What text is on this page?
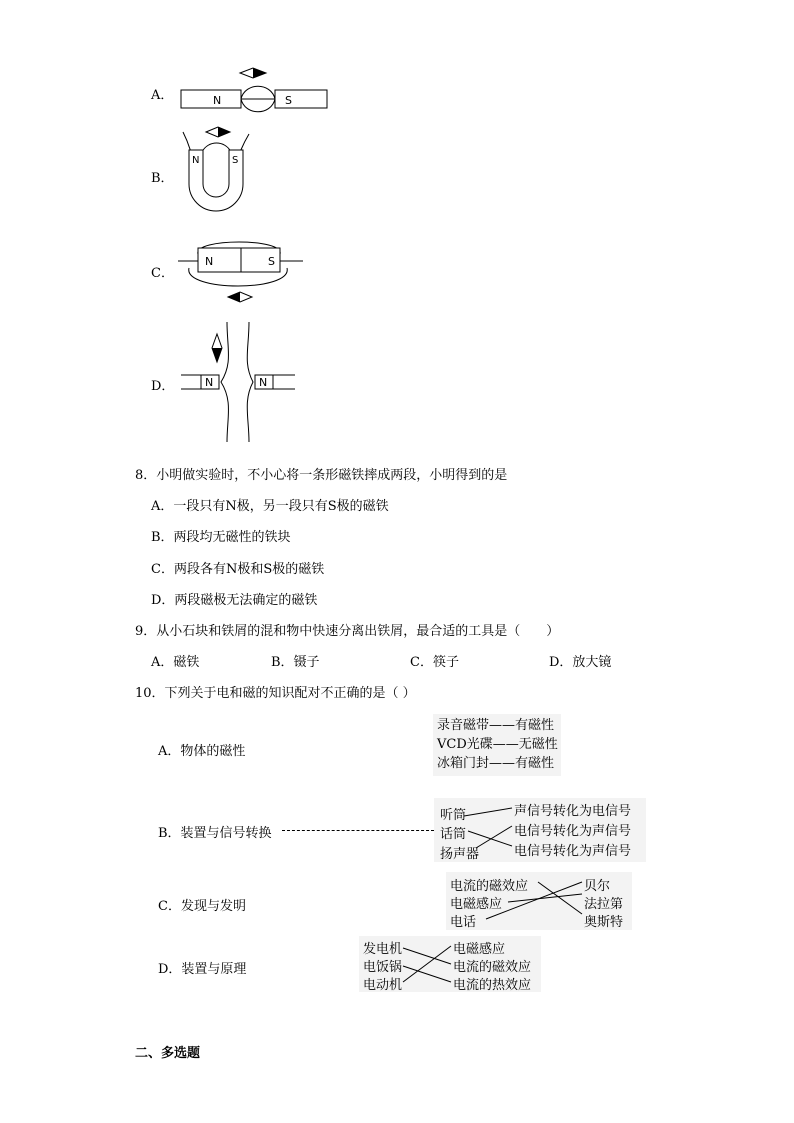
A．	N	S
B．
N	S
C．
N	S
D．	N	N
8．小明做实验时，不小心将一条形磁铁摔成两段，小明得到的是
A．一段只有N极，另一段只有S极的磁铁
B．两段均无磁性的铁块
C．两段各有N极和S极的磁铁
D．两段磁极无法确定的磁铁
9．从小石块和铁屑的混和物中快速分离出铁屑，最合适的工具是（　　）
A．磁铁	B．镊子	C．筷子	D．放大镜
10．下列关于电和磁的知识配对不正确的是（ ）
A．物体的磁性
录音磁带——有磁性
VCD光碟——无磁性
冰箱门封——有磁性
B．装置与信号转换
听筒
话筒
扬声器
声信号转化为电信号
电信号转化为声信号
电信号转化为声信号
C．发现与发明
电流的磁效应
电磁感应
电话
贝尔
法拉第
奥斯特
D．装置与原理
发电机
电饭锅
电动机
电磁感应
电流的磁效应
电流的热效应
二、多选题
